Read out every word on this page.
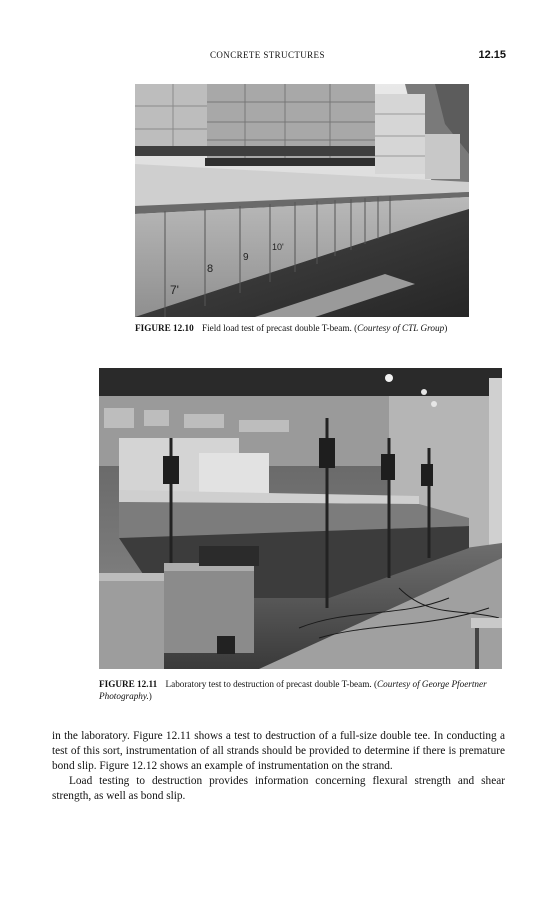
CONCRETE STRUCTURES	12.15
7'
8
9
10'
FIGURE 12.10 Field load test of precast double T-beam. (Courtesy of CTL Group)
FIGURE 12.11 Laboratory test to destruction of precast double T-beam. (Courtesy of George Pfoertner Photography.)

in the laboratory. Figure 12.11 shows a test to destruction of a full-size double tee. In conducting a test of this sort, instrumentation of all strands should be provided to determine if there is premature bond slip. Figure 12.12 shows an example of instrumentation on the strand.

Load testing to destruction provides information concerning flexural strength and shear strength, as well as bond slip.
